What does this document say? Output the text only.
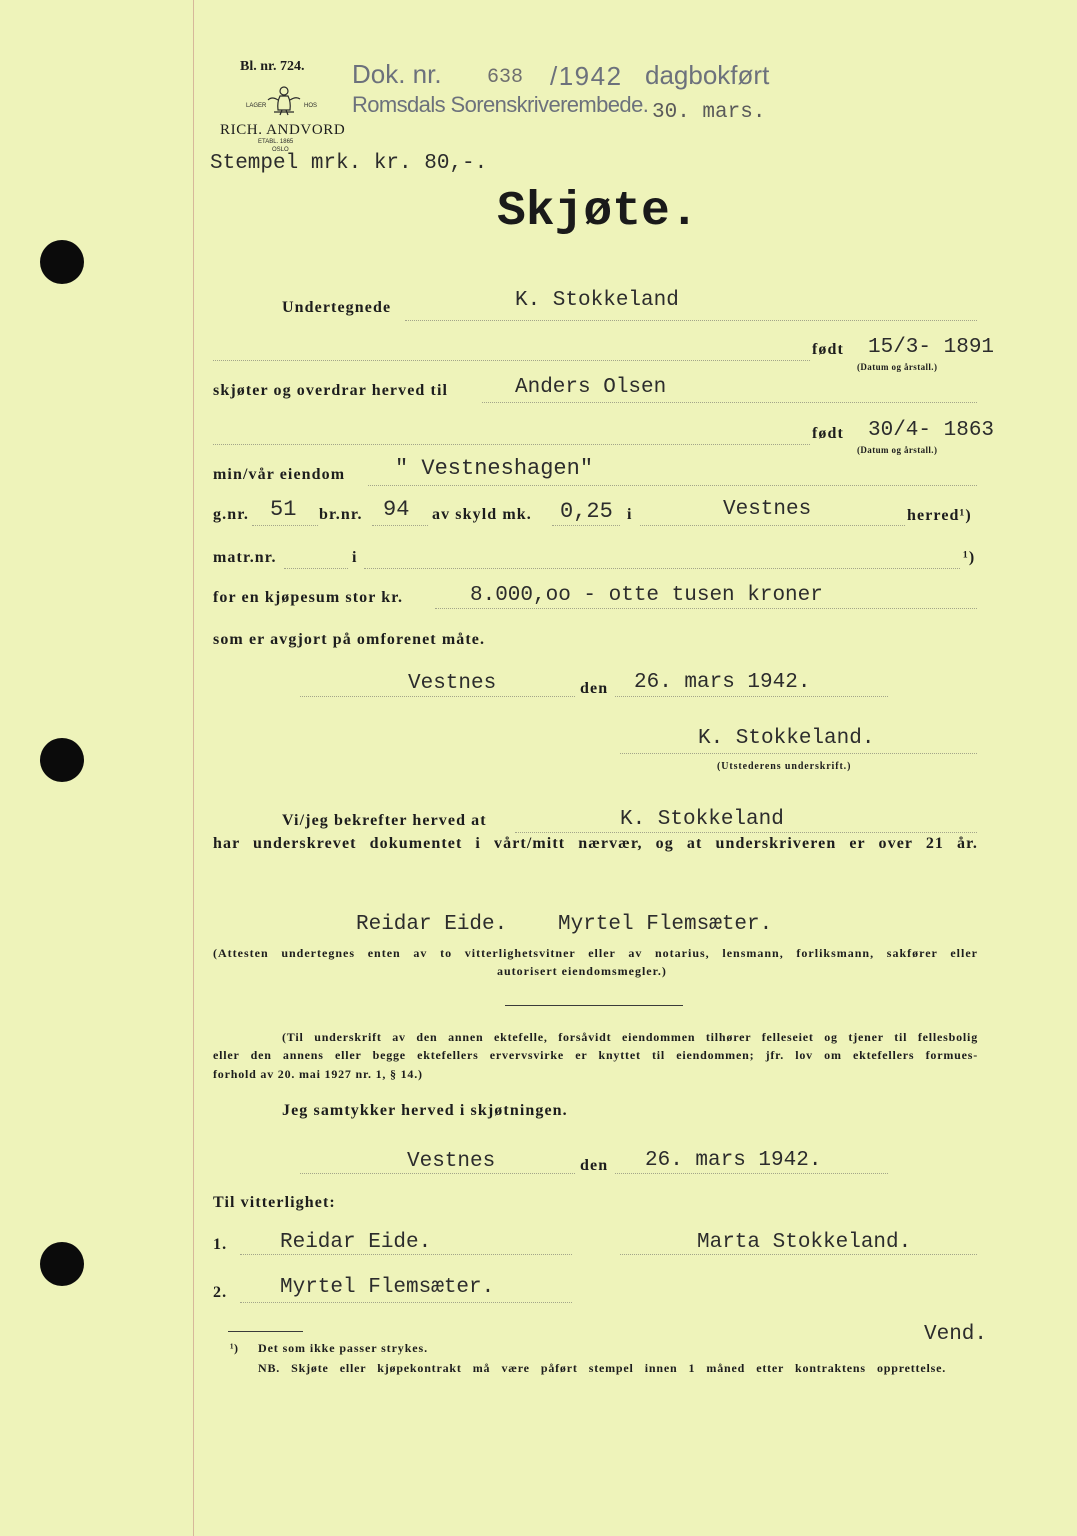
Bl. nr. 724.
LAGER	HOS
RICH. ANDVORD
ETABL. 1865
OSLO
Dok. nr. 638 /1942 dagbokført
Romsdals Sorenskriverembede. 30. mars.
Stempel mrk. kr. 80,-.
Skjøte.
Undertegnede	K. Stokkeland
født 15/3- 1891
(Datum og årstall.)
skjøter og overdrar herved til	Anders Olsen
født 30/4- 1863
(Datum og årstall.)
min/vår eiendom " Vestneshagen"
g.nr. 51 br.nr. 94 av skyld mk. 0,25 i	Vestnes	herred¹)
matr.nr.	i	¹)
for en kjøpesum stor kr.	8.000,oo - otte tusen kroner
som er avgjort på omforenet måte.
Vestnes	den 26. mars 1942.
K. Stokkeland.
(Utstederens underskrift.)
Vi/jeg bekrefter herved at	K. Stokkeland
har underskrevet dokumentet i vårt/mitt nærvær, og at underskriveren er over 21 år.
Reidar Eide. Myrtel Flemsæter.
(Attesten undertegnes enten av to vitterlighetsvitner eller av notarius, lensmann, forliksmann, sakfører eller
autorisert eiendomsmegler.)
(Til underskrift av den annen ektefelle, forsåvidt eiendommen tilhører felleseiet og tjener til fellesbolig
eller den annens eller begge ektefellers ervervsvirke er knyttet til eiendommen; jfr. lov om ektefellers formues-
forhold av 20. mai 1927 nr. 1, § 14.)
Jeg samtykker herved i skjøtningen.
Vestnes	den 26. mars 1942.
Til vitterlighet:
1.	Reidar Eide.	Marta Stokkeland.
2.	Myrtel Flemsæter.
Vend.
¹) Det som ikke passer strykes.
NB. Skjøte eller kjøpekontrakt må være påført stempel innen 1 måned etter kontraktens opprettelse.
